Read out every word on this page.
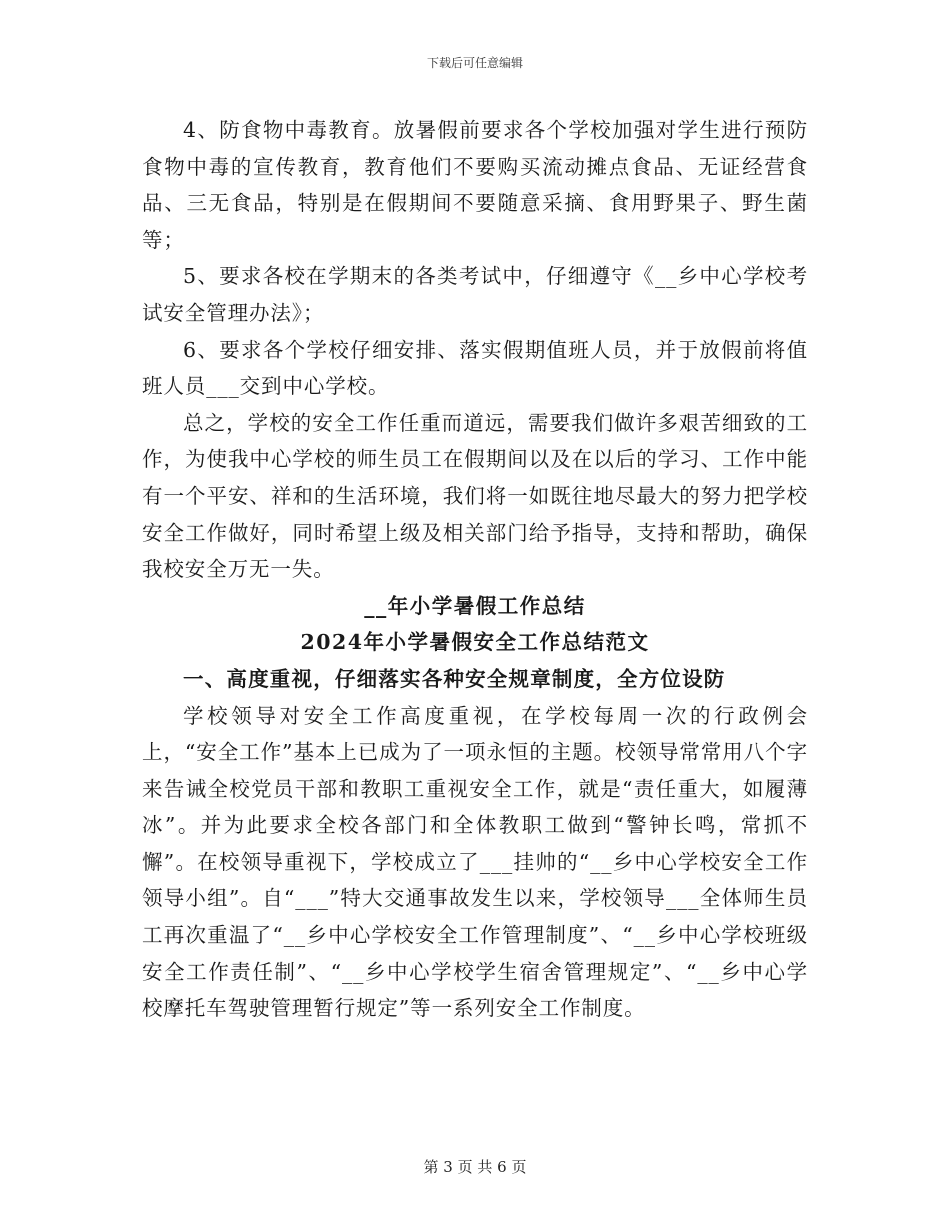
下载后可任意编辑

4、防食物中毒教育。放暑假前要求各个学校加强对学生进行预防食物中毒的宣传教育，教育他们不要购买流动摊点食品、无证经营食品、三无食品，特别是在假期间不要随意采摘、食用野果子、野生菌等；

5、要求各校在学期末的各类考试中，仔细遵守《__乡中心学校考试安全管理办法》；

6、要求各个学校仔细安排、落实假期值班人员，并于放假前将值班人员___交到中心学校。

总之，学校的安全工作任重而道远，需要我们做许多艰苦细致的工作，为使我中心学校的师生员工在假期间以及在以后的学习、工作中能有一个平安、祥和的生活环境，我们将一如既往地尽最大的努力把学校安全工作做好，同时希望上级及相关部门给予指导，支持和帮助，确保我校安全万无一失。

__年小学暑假工作总结

2024年小学暑假安全工作总结范文

一、高度重视，仔细落实各种安全规章制度，全方位设防

学校领导对安全工作高度重视，在学校每周一次的行政例会上，“安全工作”基本上已成为了一项永恒的主题。校领导常常用八个字来告诫全校党员干部和教职工重视安全工作，就是“责任重大，如履薄冰”。并为此要求全校各部门和全体教职工做到“警钟长鸣，常抓不懈”。在校领导重视下，学校成立了___挂帅的“__乡中心学校安全工作领导小组”。自“___”特大交通事故发生以来，学校领导___全体师生员工再次重温了“__乡中心学校安全工作管理制度”、“__乡中心学校班级安全工作责任制”、“__乡中心学校学生宿舍管理规定”、“__乡中心学校摩托车驾驶管理暂行规定”等一系列安全工作制度。

第 3 页 共 6 页
